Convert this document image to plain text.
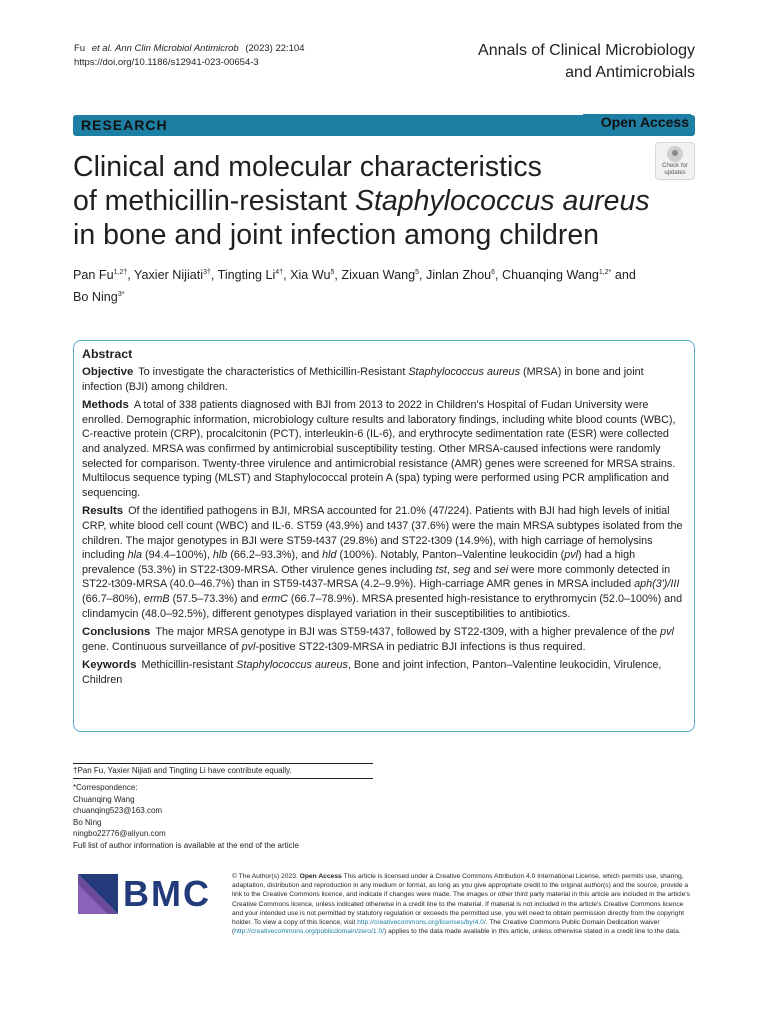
Fu et al. Ann Clin Microbiol Antimicrob (2023) 22:104
https://doi.org/10.1186/s12941-023-00654-3
Annals of Clinical Microbiology
and Antimicrobials
RESEARCH	Open Access
Clinical and molecular characteristics
of methicillin-resistant Staphylococcus aureus
in bone and joint infection among children
Check for
updates
Pan $Fu^{1,2\dagger}$, Yaxier Nijiati$^{3\dagger}$, Tingting $Li^{4\dagger}$, Xia Wu$^5$, Zixuan Wang$^5$, Jinlan Zhou$^6$, Chuanqing Wang$^{1,2*}$ and Bo Ning$^{3*}$
Abstract

Objective To investigate the characteristics of Methicillin-Resistant Staphylococcus aureus (MRSA) in bone and joint infection (BJI) among children.

Methods A total of 338 patients diagnosed with BJI from 2013 to 2022 in Children's Hospital of Fudan University were enrolled. Demographic information, microbiology culture results and laboratory findings, including white blood counts (WBC), C-reactive protein (CRP), procalcitonin (PCT), interleukin-6 (IL-6), and erythrocyte sedimentation rate (ESR) were collected and analyzed. MRSA was confirmed by antimicrobial susceptibility testing. Other MRSA-caused infections were randomly selected for comparison. Twenty-three virulence and antimicrobial resistance (AMR) genes were screened for MRSA strains. Multilocus sequence typing (MLST) and Staphylococcal protein A (spa) typing were performed using PCR amplification and sequencing.

Results Of the identified pathogens in BJI, MRSA accounted for 21.0% (47/224). Patients with BJI had high levels of initial CRP, white blood cell count (WBC) and IL-6. ST59 (43.9%) and t437 (37.6%) were the main MRSA subtypes isolated from the children. The major genotypes in BJI were ST59-t437 (29.8%) and ST22-t309 (14.9%), with high carriage of hemolysins including hla (94.4–100%), hlb (66.2–93.3%), and hld (100%). Notably, Panton–Valentine leukocidin (pvl) had a high prevalence (53.3%) in ST22-t309-MRSA. Other virulence genes including tst, seg and sei were more commonly detected in ST22-t309-MRSA (40.0–46.7%) than in ST59-t437-MRSA (4.2–9.9%). High-carriage AMR genes in MRSA included aph(3')/III (66.7–80%), ermB (57.5–73.3%) and ermC (66.7–78.9%). MRSA presented high-resistance to erythromycin (52.0–100%) and clindamycin (48.0–92.5%), different genotypes displayed variation in their susceptibilities to antibiotics.

Conclusions The major MRSA genotype in BJI was ST59-t437, followed by ST22-t309, with a higher prevalence of the pvl gene. Continuous surveillance of pvl-positive ST22-t309-MRSA in pediatric BJI infections is thus required.

Keywords Methicillin-resistant Staphylococcus aureus, Bone and joint infection, Panton–Valentine leukocidin, Virulence, Children

†Pan Fu, Yaxier Nijiati and Tingting Li have contribute equally.
*Correspondence:
Chuanqing Wang
chuanqing523@163.com
Bo Ning
ningbo22776@aliyun.com
Full list of author information is available at the end of the article
BMC	© The Author(s) 2023. Open Access This article is licensed under a Creative Commons Attribution 4.0 International License, which permits use, sharing, adaptation, distribution and reproduction in any medium or format, as long as you give appropriate credit to the original author(s) and the source, provide a link to the Creative Commons licence, and indicate if changes were made. The images or other third party material in this article are included in the article's Creative Commons licence, unless indicated otherwise in a credit line to the material. If material is not included in the article's Creative Commons licence and your intended use is not permitted by statutory regulation or exceeds the permitted use, you will need to obtain permission directly from the copyright holder. To view a copy of this licence, visit http://creativecommons.org/licenses/by/4.0/. The Creative Commons Public Domain Dedication waiver (http://creativecommons.org/publicdomain/zero/1.0/) applies to the data made available in this article, unless otherwise stated in a credit line to the data.
